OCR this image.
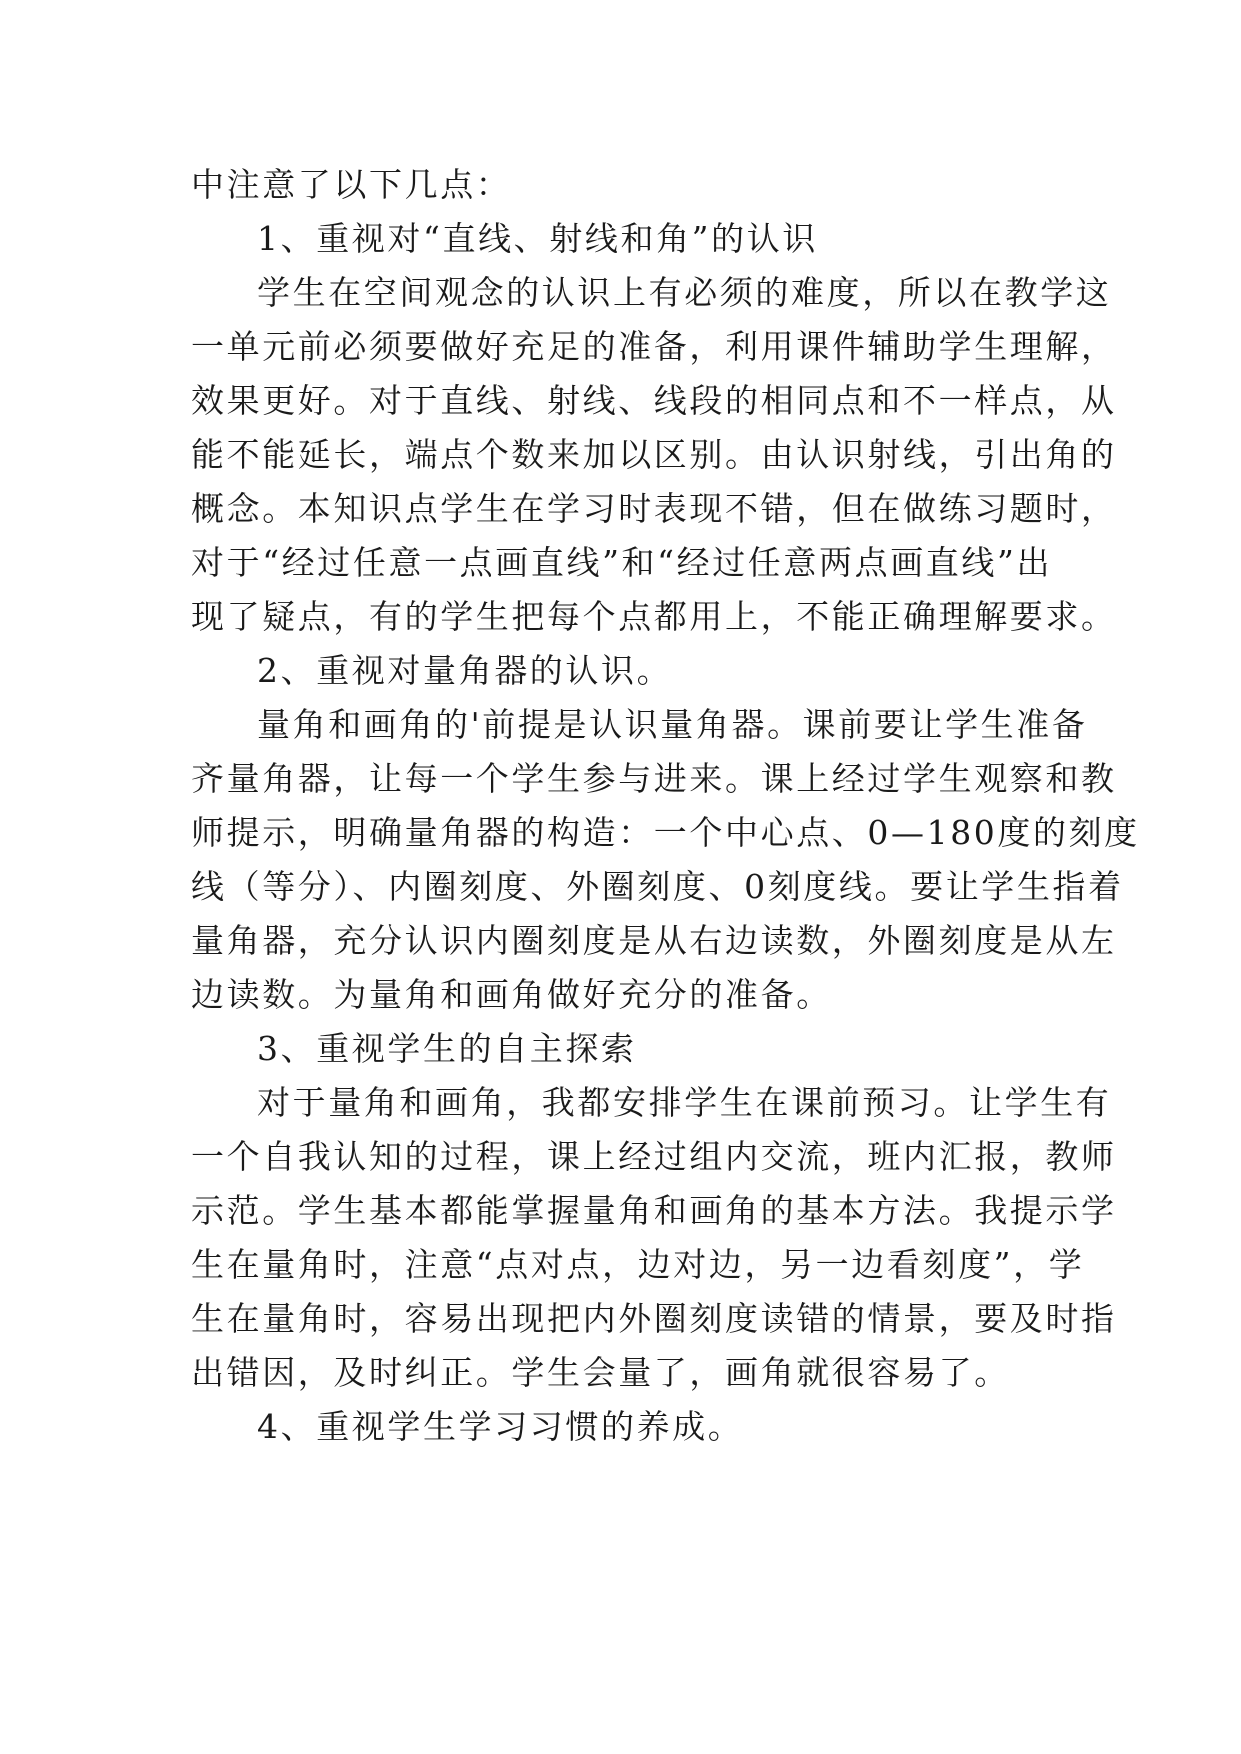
中注意了以下几点：
1、重视对“直线、射线和角”的认识
学生在空间观念的认识上有必须的难度，所以在教学这
一单元前必须要做好充足的准备，利用课件辅助学生理解，
效果更好。对于直线、射线、线段的相同点和不一样点，从
能不能延长，端点个数来加以区别。由认识射线，引出角的
概念。本知识点学生在学习时表现不错，但在做练习题时，
对于“经过任意一点画直线”和“经过任意两点画直线”出
现了疑点，有的学生把每个点都用上，不能正确理解要求。
2、重视对量角器的认识。
量角和画角的'前提是认识量角器。课前要让学生准备
齐量角器，让每一个学生参与进来。课上经过学生观察和教
师提示，明确量角器的构造：一个中心点、0—180度的刻度
线（等分）、内圈刻度、外圈刻度、0刻度线。要让学生指着
量角器，充分认识内圈刻度是从右边读数，外圈刻度是从左
边读数。为量角和画角做好充分的准备。
3、重视学生的自主探索
对于量角和画角，我都安排学生在课前预习。让学生有
一个自我认知的过程，课上经过组内交流，班内汇报，教师
示范。学生基本都能掌握量角和画角的基本方法。我提示学
生在量角时，注意“点对点，边对边，另一边看刻度”，学
生在量角时，容易出现把内外圈刻度读错的情景，要及时指
出错因，及时纠正。学生会量了，画角就很容易了。
4、重视学生学习习惯的养成。
